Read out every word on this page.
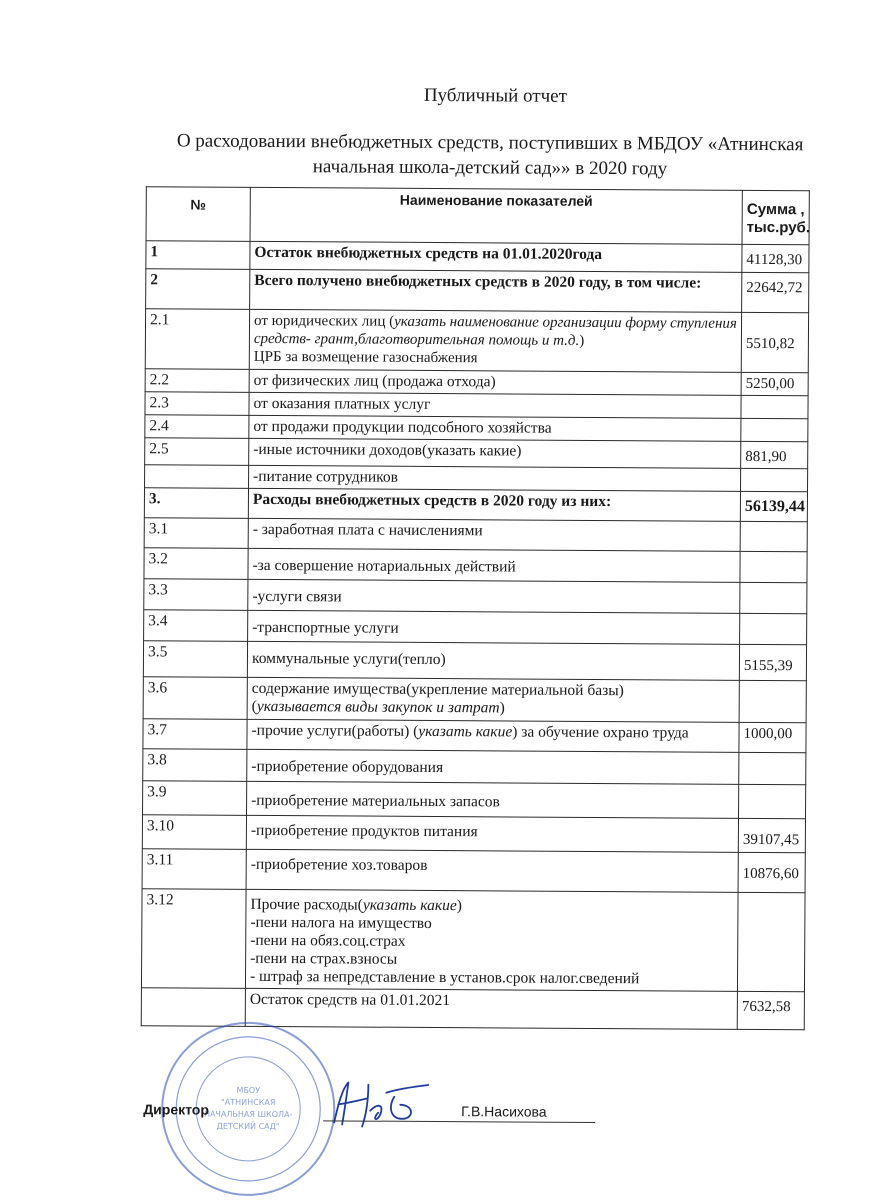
Публичный отчет
О расходовании внебюджетных средств, поступивших в МБДОУ «Атнинская
начальная школа-детский сад»» в 2020 году
№	Наименование показателей	Сумма , тыс.руб.
1	Остаток внебюджетных средств на 01.01.2020года	41128,30
2	Всего получено внебюджетных средств в 2020 году, в том числе:	22642,72
2.1	от юридических лиц (указать наименование организации форму ступления средств- грант,благотворительная помощь и т.д.)
ЦРБ за возмещение газоснабжения	5510,82
2.2	от физических лиц (продажа отхода)	5250,00
2.3	от оказания платных услуг	
2.4	от продажи продукции подсобного хозяйства	
2.5	-иные источники доходов(указать какие)	881,90
	-питание сотрудников	
3.	Расходы внебюджетных средств в 2020 году из них:	56139,44
3.1	- заработная плата с начислениями	
3.2	-за совершение нотариальных действий	
3.3	-услуги связи	
3.4	-транспортные услуги	
3.5	коммунальные услуги(тепло)	5155,39
3.6	содержание имущества(укрепление материальной базы)
(указывается виды закупок и затрат)	
3.7	-прочие услуги(работы) (указать какие) за обучение охрано труда	1000,00
3.8	-приобретение оборудования	
3.9	-приобретение материальных запасов	
3.10	-приобретение продуктов питания	39107,45
3.11	-приобретение хоз.товаров	10876,60
3.12	Прочие расходы(указать какие)
-пени налога на имущество
-пени на обяз.соц.страх
-пени на страх.взносы
- штраф за непредставление в установ.срок налог.сведений	

	Остаток средств на 01.01.2021	7632,58
МБОУ
"АТНИНСКАЯ
НАЧАЛЬНАЯ ШКОЛА-
ДЕТСКИЙ САД"
Директор	Г.В.Насихова
